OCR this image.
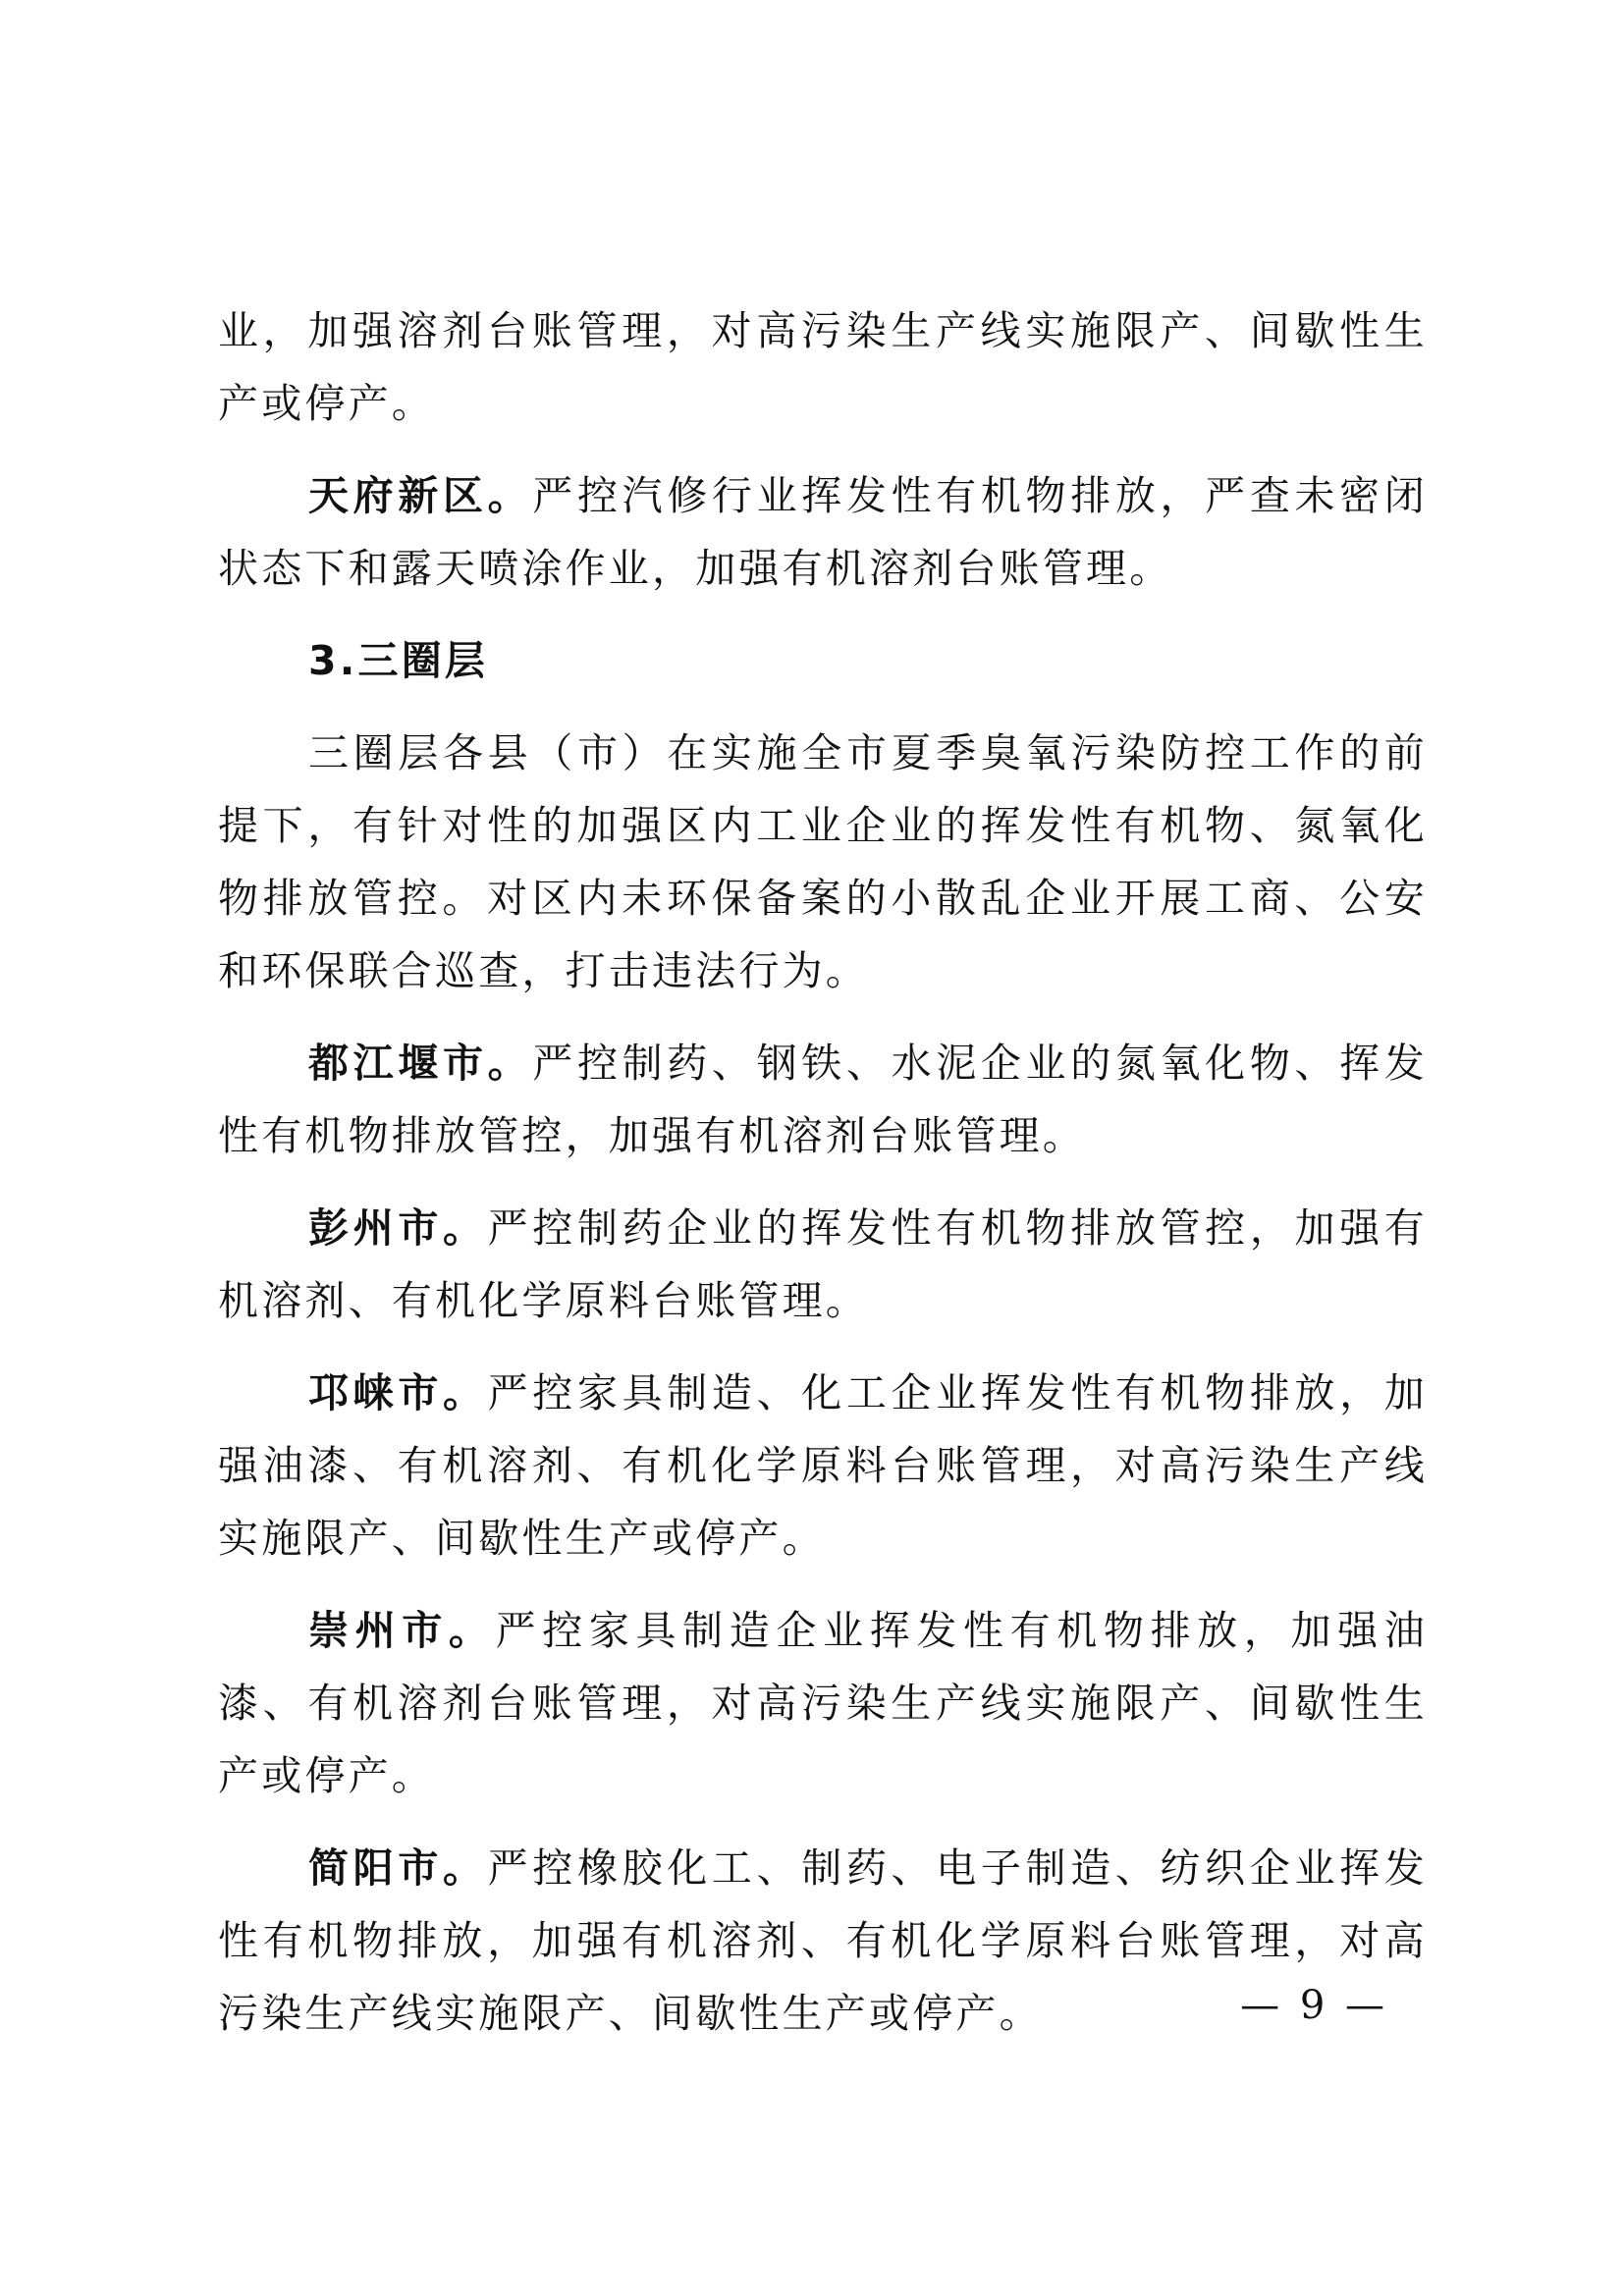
业，加强溶剂台账管理，对高污染生产线实施限产、间歇性生产或停产。

天府新区。严控汽修行业挥发性有机物排放，严查未密闭状态下和露天喷涂作业，加强有机溶剂台账管理。

3.三圈层

三圈层各县（市）在实施全市夏季臭氧污染防控工作的前提下，有针对性的加强区内工业企业的挥发性有机物、氮氧化物排放管控。对区内未环保备案的小散乱企业开展工商、公安和环保联合巡查，打击违法行为。

都江堰市。严控制药、钢铁、水泥企业的氮氧化物、挥发性有机物排放管控，加强有机溶剂台账管理。

彭州市。严控制药企业的挥发性有机物排放管控，加强有机溶剂、有机化学原料台账管理。

邛崃市。严控家具制造、化工企业挥发性有机物排放，加强油漆、有机溶剂、有机化学原料台账管理，对高污染生产线实施限产、间歇性生产或停产。

崇州市。严控家具制造企业挥发性有机物排放，加强油漆、有机溶剂台账管理，对高污染生产线实施限产、间歇性生产或停产。

简阳市。严控橡胶化工、制药、电子制造、纺织企业挥发性有机物排放，加强有机溶剂、有机化学原料台账管理，对高污染生产线实施限产、间歇性生产或停产。	— 9 —
